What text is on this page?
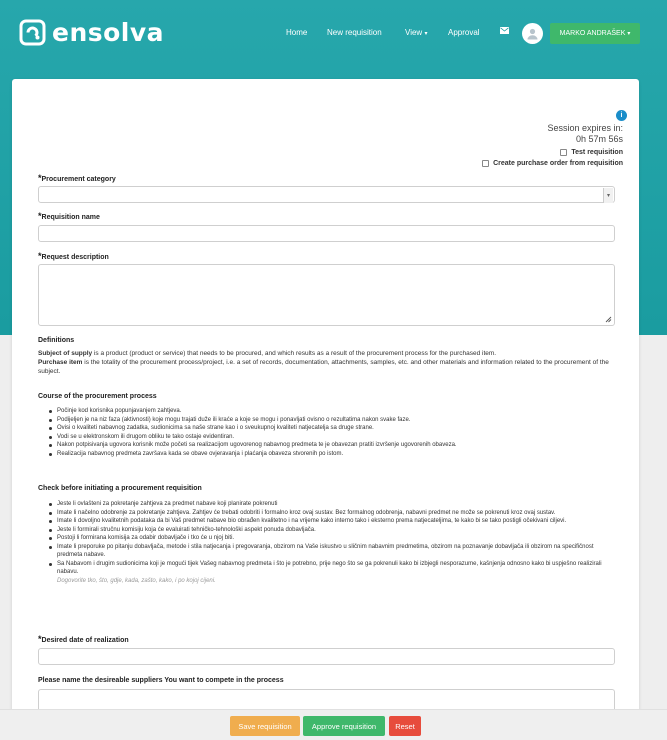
ensolva	Home New requisition	View ▾	Approval	MARKO ANDRAŠEK
▾
i
Session expires in:
0h 57m 56s
Test requisition
Create purchase order from requisition
*Procurement category
▾
*Requisition name
*Request description
Definitions
Subject of supply is a product (product or service) that needs to be procured, and which results as a result of the procurement process for the purchased item.
Purchase item is the totality of the procurement process/project, i.e. a set of records, documentation, attachments, samples, etc. and other materials and information related to the procurement of the subject.
Course of the procurement process
Počinje kod korisnika popunjavanjem zahtjeva.
Podijeljen je na niz faza (aktivnosti) koje mogu trajati duže ili kraće a koje se mogu i ponavljati ovisno o rezultatima nakon svake faze.
Ovisi o kvaliteti nabavnog zadatka, sudionicima sa naše strane kao i o sveukupnoj kvaliteti natjecatelja sa druge strane.
Vodi se u elektronskom ili drugom obliku te tako ostaje evidentiran.
Nakon potpisivanja ugovora korisnik može početi sa realizacijom ugovorenog nabavnog predmeta te je obavezan pratiti izvršenje ugovorenih obaveza.
Realizacija nabavnog predmeta završava kada se obave ovjeravanja i plaćanja obaveza stvorenih po istom.
Check before initiating a procurement requisition
Jeste li ovlašteni za pokretanje zahtjeva za predmet nabave koji planirate pokrenuti
Imate li načelno odobrenje za pokretanje zahtjeva. Zahtjev će trebati odobriti i formalno kroz ovaj sustav. Bez formalnog odobrenja, nabavni predmet ne može se pokrenuti kroz ovaj sustav.
Imate li dovoljno kvalitetnih podataka da bi Vaš predmet nabave bio obrađen kvalitetno i na vrijeme kako interno tako i eksterno prema natjecateljima, te kako bi se tako postigli očekivani ciljevi.
Jeste li formirali stručnu komisiju koja će evaluirati tehničko-tehnološki aspekt ponuda dobavljača.
Postoji li formirana komisija za odabir dobavljače i tko će u njoj biti.
Imate li preporuke po pitanju dobavljača, metode i stila natjecanja i pregovaranja, obzirom na Vaše iskustvo u sličnim nabavnim predmetima, obzirom na poznavanje dobavljača ili obzirom na specifičnost predmeta nabave.
Sa Nabavom i drugim sudionicima koji je mogući tijek Vašeg nabavnog predmeta i što je potrebno, prije nego što se ga pokrenuli kako bi izbjegli nesporazume, kašnjenja odnosno kako bi uspješno realizirali nabavu.
Dogovorite tko, što, gdje, kada, zašto, kako, i po kojoj cijeni.
*Desired date of realization
Please name the desireable suppliers You want to compete in the process
Save requisition	Approve requisition	Reset
